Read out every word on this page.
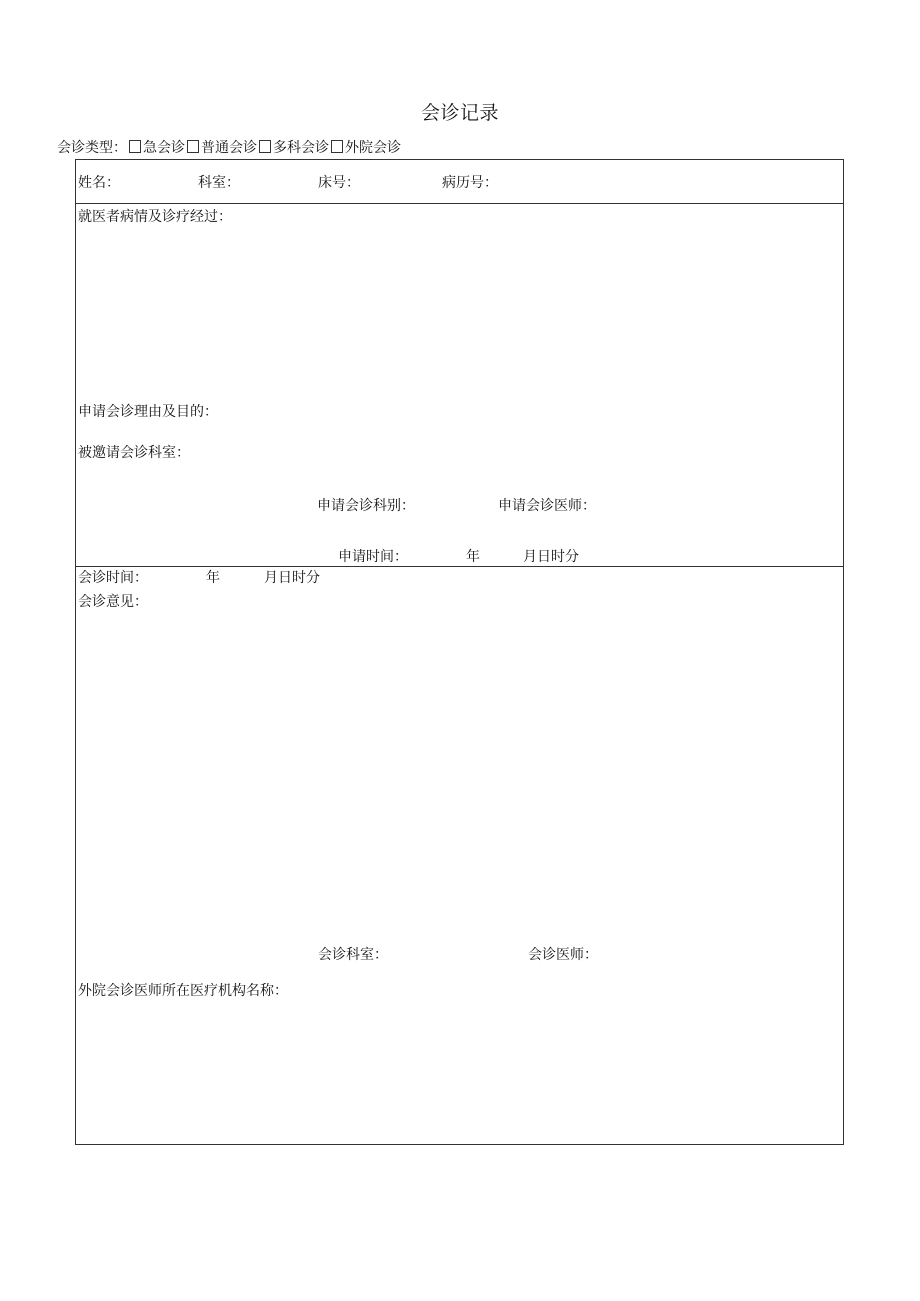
会诊记录
会诊类型： 急会诊 普通会诊 多科会诊 外院会诊
姓名：	科室：	床号：	病历号：
就医者病情及诊疗经过：
申请会诊理由及目的：
被邀请会诊科室：
申请会诊科别：	申请会诊医师：
申请时间：	年	月日时分
会诊时间：	年	月日时分
会诊意见：
会诊科室：	会诊医师：
外院会诊医师所在医疗机构名称：
